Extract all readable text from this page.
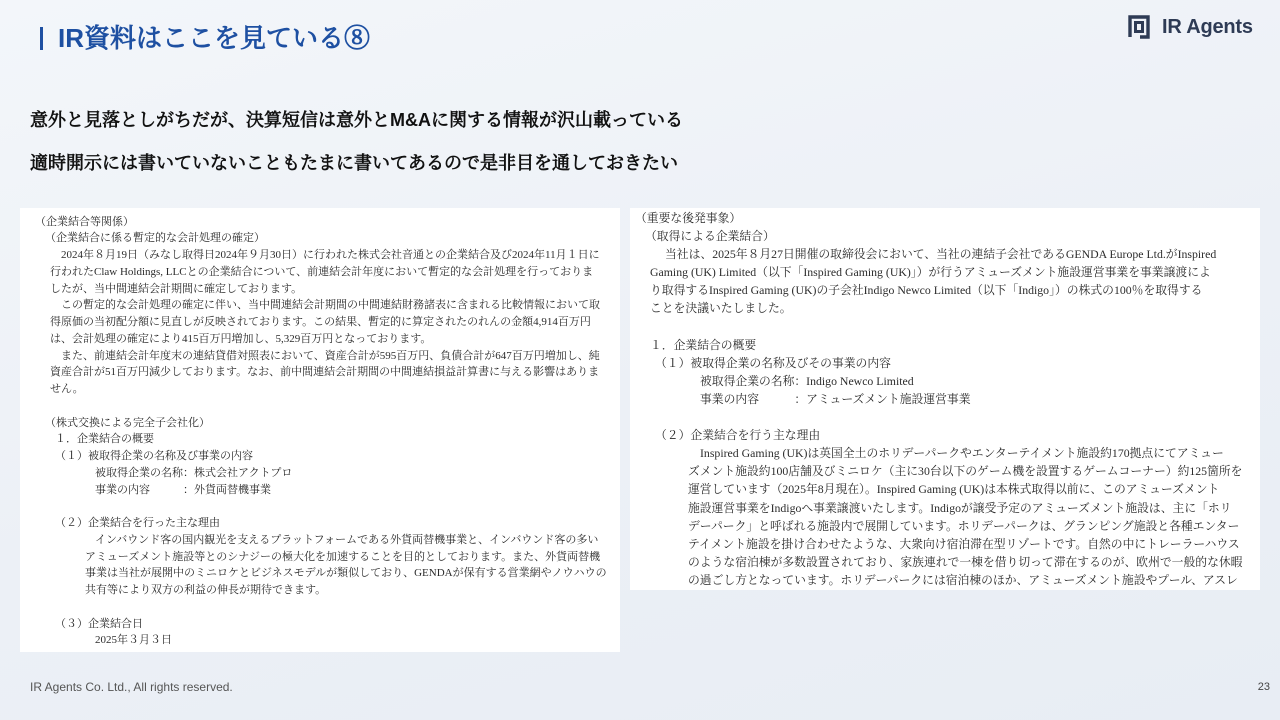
IR資料はここを見ている⑧	IR Agents

意外と見落としがちだが、決算短信は意外とM&Aに関する情報が沢山載っている

適時開示には書いていないこともたまに書いてあるので是非目を通しておきたい

（企業結合等関係）
（企業結合に係る暫定的な会計処理の確定）
2024年８月19日（みなし取得日2024年９月30日）に行われた株式会社音通との企業結合及び2024年11月１日に
行われたClaw Holdings, LLCとの企業結合について、前連結会計年度において暫定的な会計処理を行っておりま
したが、当中間連結会計期間に確定しております。
この暫定的な会計処理の確定に伴い、当中間連結会計期間の中間連結財務諸表に含まれる比較情報において取
得原価の当初配分額に見直しが反映されております。この結果、暫定的に算定されたのれんの金額4,914百万円
は、会計処理の確定により415百万円増加し、5,329百万円となっております。
また、前連結会計年度末の連結貸借対照表において、資産合計が595百万円、負債合計が647百万円増加し、純
資産合計が51百万円減少しております。なお、前中間連結会計期間の中間連結損益計算書に与える影響はありま
せん。
（株式交換による完全子会社化）
１．企業結合の概要
（１）被取得企業の名称及び事業の内容
被取得企業の名称：株式会社アクトプロ
事業の内容　　　：外貨両替機事業
（２）企業結合を行った主な理由
インバウンド客の国内観光を支えるプラットフォームである外貨両替機事業と、インバウンド客の多い
アミューズメント施設等とのシナジーの極大化を加速することを目的としております。また、外貨両替機
事業は当社が展開中のミニロケとビジネスモデルが類似しており、GENDAが保有する営業網やノウハウの
共有等により双方の利益の伸長が期待できます。
（３）企業結合日
2025年３月３日
（重要な後発事象）
（取得による企業結合）
当社は、2025年８月27日開催の取締役会において、当社の連結子会社であるGENDA Europe Ltd.がInspired
Gaming (UK) Limited（以下「Inspired Gaming (UK)」）が行うアミューズメント施設運営事業を事業譲渡によ
り取得するInspired Gaming (UK)の子会社Indigo Newco Limited（以下「Indigo」）の株式の100％を取得する
ことを決議いたしました。
１．企業結合の概要
（１）被取得企業の名称及びその事業の内容
被取得企業の名称：Indigo Newco Limited
事業の内容　　　：アミューズメント施設運営事業
（２）企業結合を行う主な理由
Inspired Gaming (UK)は英国全土のホリデーパークやエンターテイメント施設約170拠点にてアミュー
ズメント施設約100店舗及びミニロケ（主に30台以下のゲーム機を設置するゲームコーナー）約125箇所を
運営しています（2025年8月現在）。Inspired Gaming (UK)は本株式取得以前に、このアミューズメント
施設運営事業をIndigoへ事業譲渡いたします。Indigoが譲受予定のアミューズメント施設は、主に「ホリ
デーパーク」と呼ばれる施設内で展開しています。ホリデーパークは、グランピング施設と各種エンター
テイメント施設を掛け合わせたような、大衆向け宿泊滞在型リゾートです。自然の中にトレーラーハウス
のような宿泊棟が多数設置されており、家族連れで一棟を借り切って滞在するのが、欧州で一般的な休暇
の過ごし方となっています。ホリデーパークには宿泊棟のほか、アミューズメント施設やプール、アスレ
IR Agents Co. Ltd., All rights reserved.	23
